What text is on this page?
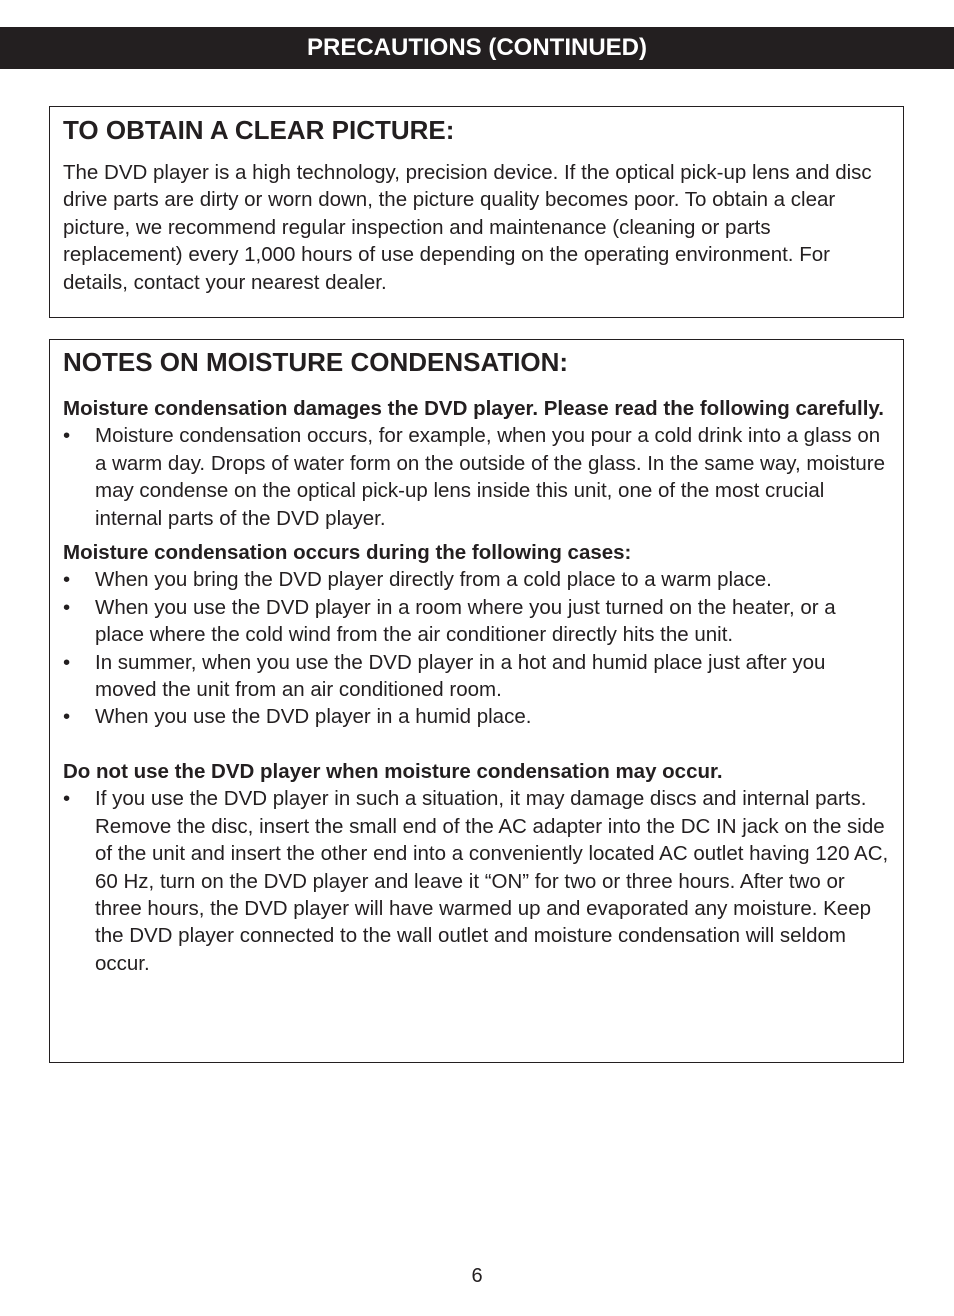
PRECAUTIONS (CONTINUED)
TO OBTAIN A CLEAR PICTURE:

The DVD player is a high technology, precision device. If the optical pick-up lens and disc drive parts are dirty or worn down, the picture quality becomes poor. To obtain a clear picture, we recommend regular inspection and maintenance (cleaning or parts replacement) every 1,000 hours of use depending on the operating environment. For details, contact your nearest dealer.

NOTES ON MOISTURE CONDENSATION:

Moisture condensation damages the DVD player. Please read the following carefully.

• Moisture condensation occurs, for example, when you pour a cold drink into a glass on a warm day. Drops of water form on the outside of the glass. In the same way, moisture may condense on the optical pick-up lens inside this unit, one of the most crucial internal parts of the DVD player.

Moisture condensation occurs during the following cases:

• When you bring the DVD player directly from a cold place to a warm place.
• When you use the DVD player in a room where you just turned on the heater, or a place where the cold wind from the air conditioner directly hits the unit.
• In summer, when you use the DVD player in a hot and humid place just after you moved the unit from an air conditioned room.
• When you use the DVD player in a humid place.

Do not use the DVD player when moisture condensation may occur.

• If you use the DVD player in such a situation, it may damage discs and internal parts. Remove the disc, insert the small end of the AC adapter into the DC IN jack on the side of the unit and insert the other end into a conveniently located AC outlet having 120 AC, 60 Hz, turn on the DVD player and leave it “ON” for two or three hours. After two or three hours, the DVD player will have warmed up and evaporated any moisture. Keep the DVD player connected to the wall outlet and moisture condensation will seldom occur.
6
